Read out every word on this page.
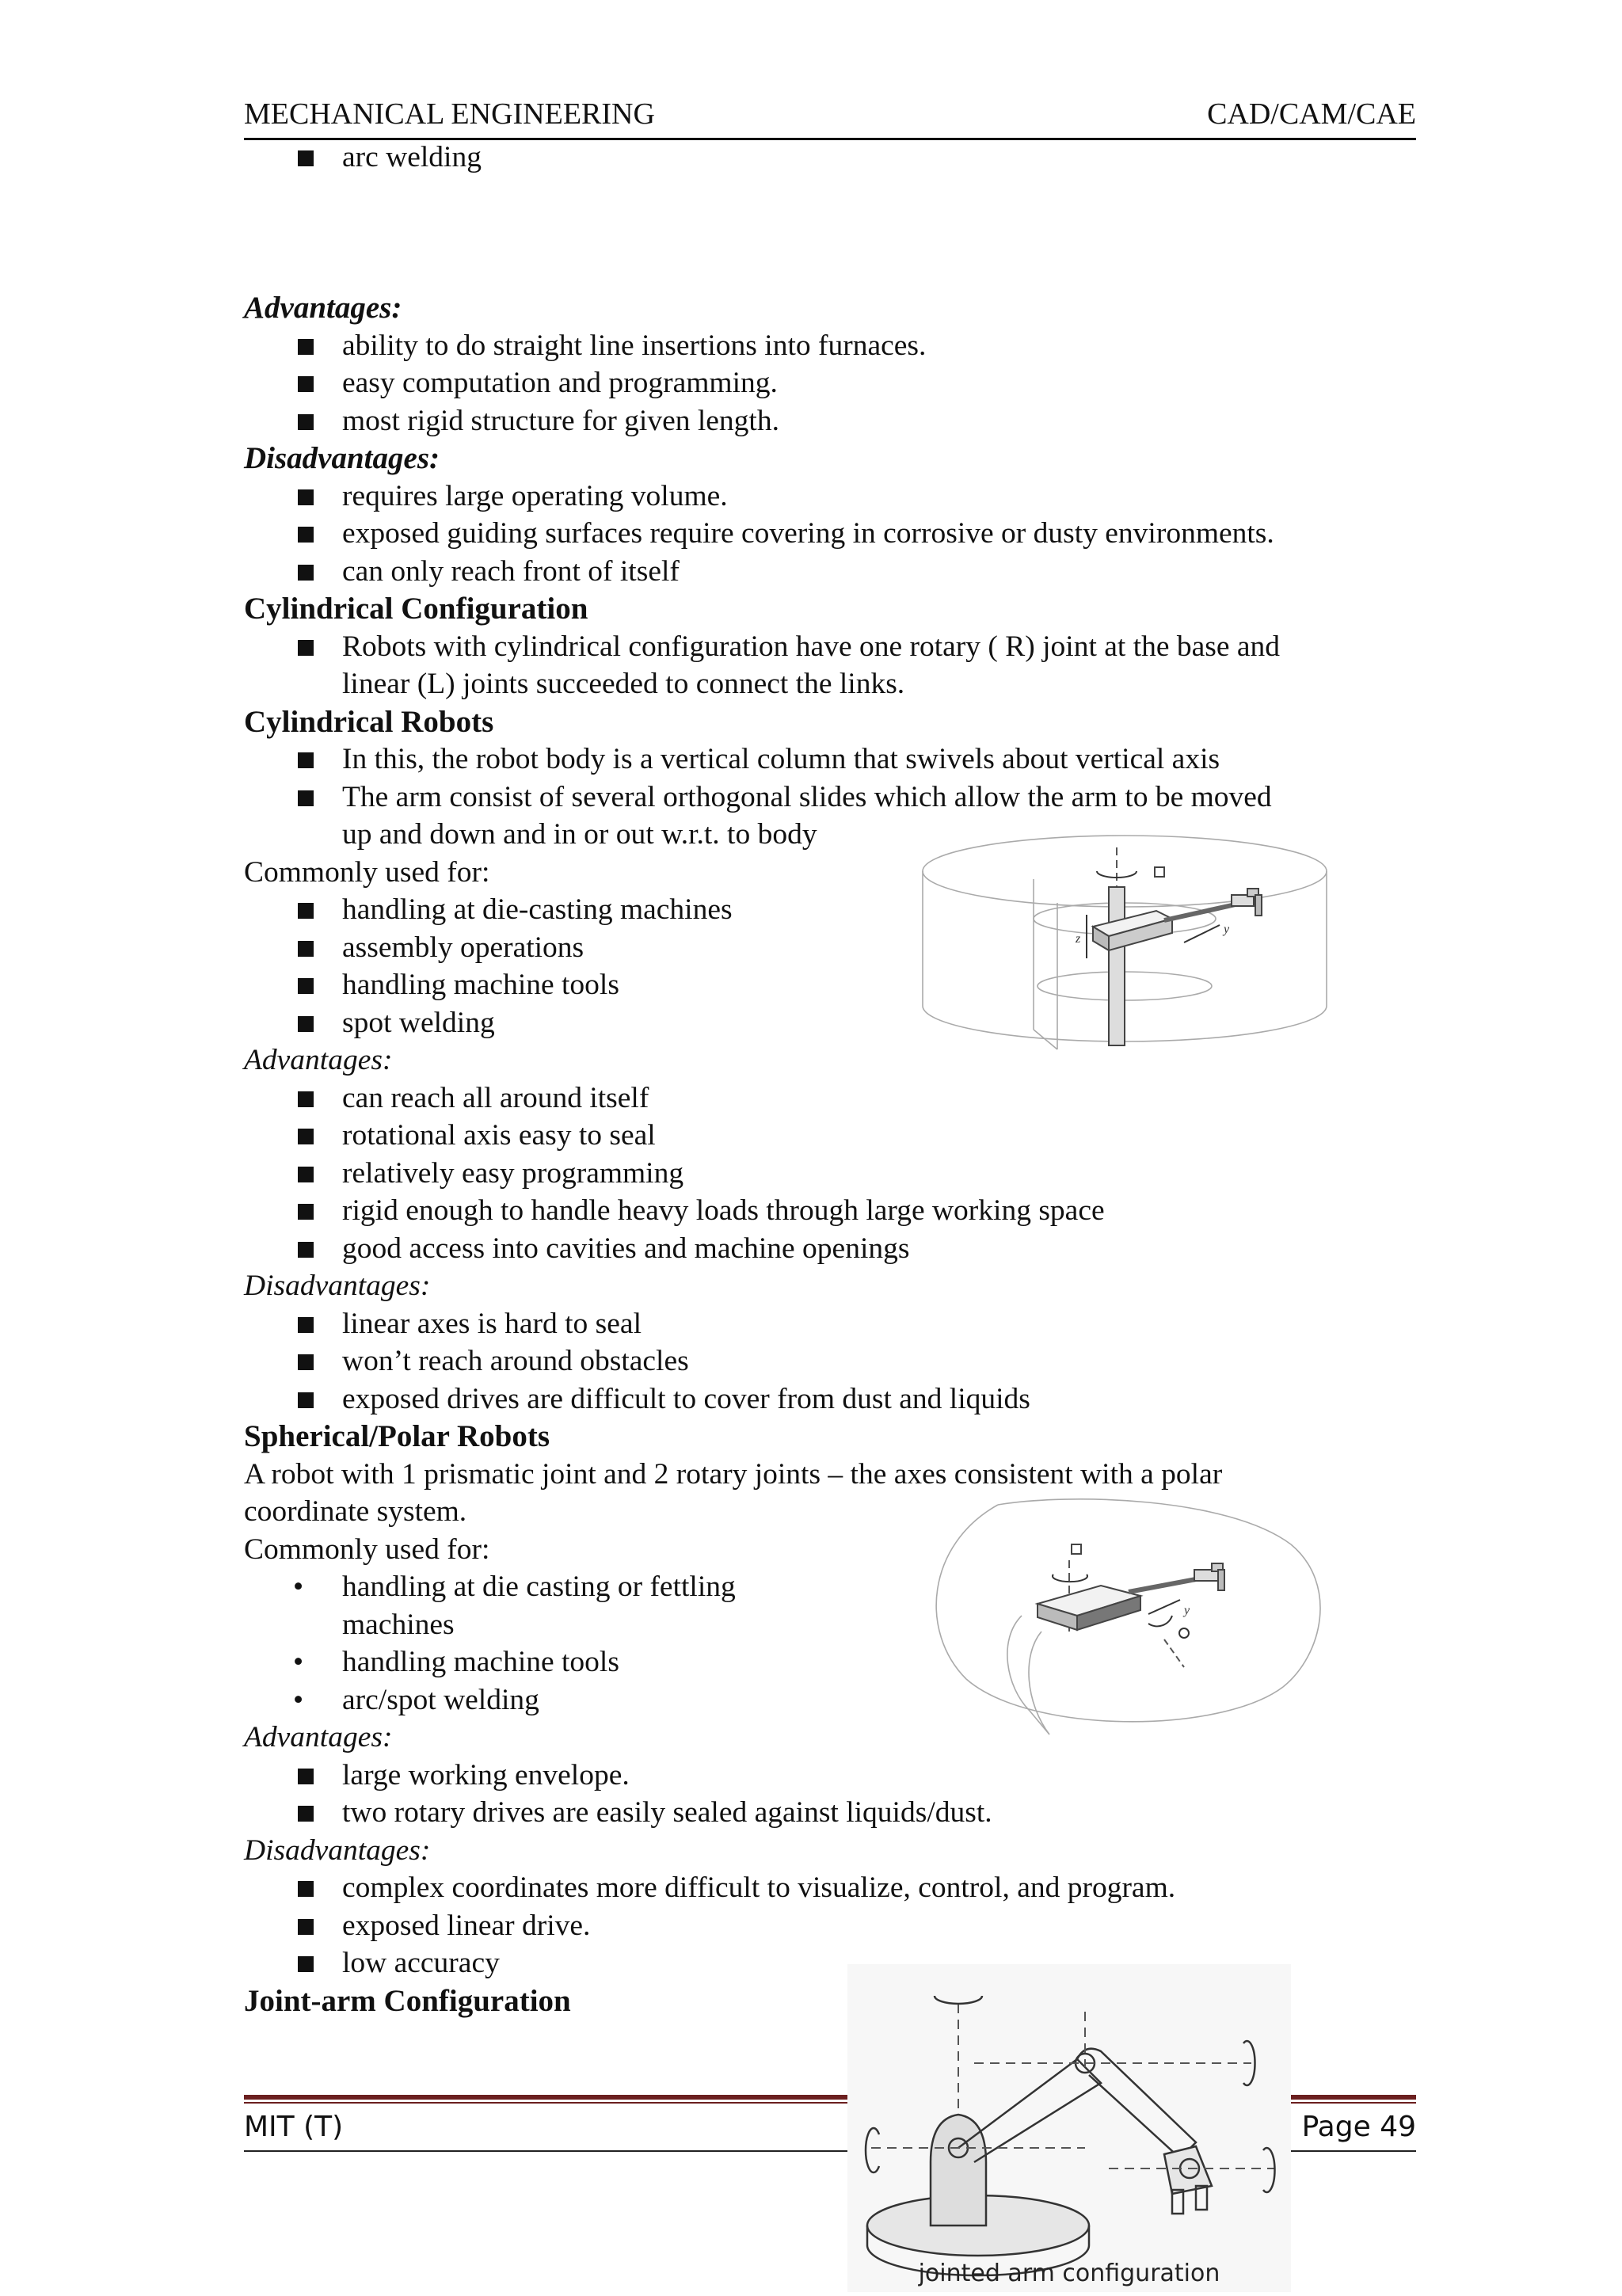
MECHANICAL ENGINEERING	CAD/CAM/CAE
arc welding
Advantages:
ability to do straight line insertions into furnaces.
easy computation and programming.
most rigid structure for given length.
Disadvantages:
requires large operating volume.
exposed guiding surfaces require covering in corrosive or dusty environments.
can only reach front of itself
Cylindrical Configuration
Robots with cylindrical configuration have one rotary ( R) joint at the base and
linear (L) joints succeeded to connect the links.
Cylindrical Robots
In this, the robot body is a vertical column that swivels about vertical axis
The arm consist of several orthogonal slides which allow the arm to be moved
up and down and in or out w.r.t. to body
Commonly used for:
handling at die-casting machines
assembly operations
handling machine tools
spot welding
Advantages:
can reach all around itself
rotational axis easy to seal
relatively easy programming
rigid enough to handle heavy loads through large working space
good access into cavities and machine openings
Disadvantages:
linear axes is hard to seal
won’t reach around obstacles
exposed drives are difficult to cover from dust and liquids
Spherical/Polar Robots
A robot with 1 prismatic joint and 2 rotary joints – the axes consistent with a polar
coordinate system.
Commonly used for:
• handling at die casting or fettling
machines
• handling machine tools
• arc/spot welding
Advantages:
large working envelope.
two rotary drives are easily sealed against liquids/dust.
Disadvantages:
complex coordinates more difficult to visualize, control, and program.
exposed linear drive.
low accuracy
Joint-arm Configuration
z
y
y
MIT (T)	Page 49
jointed arm configuration
